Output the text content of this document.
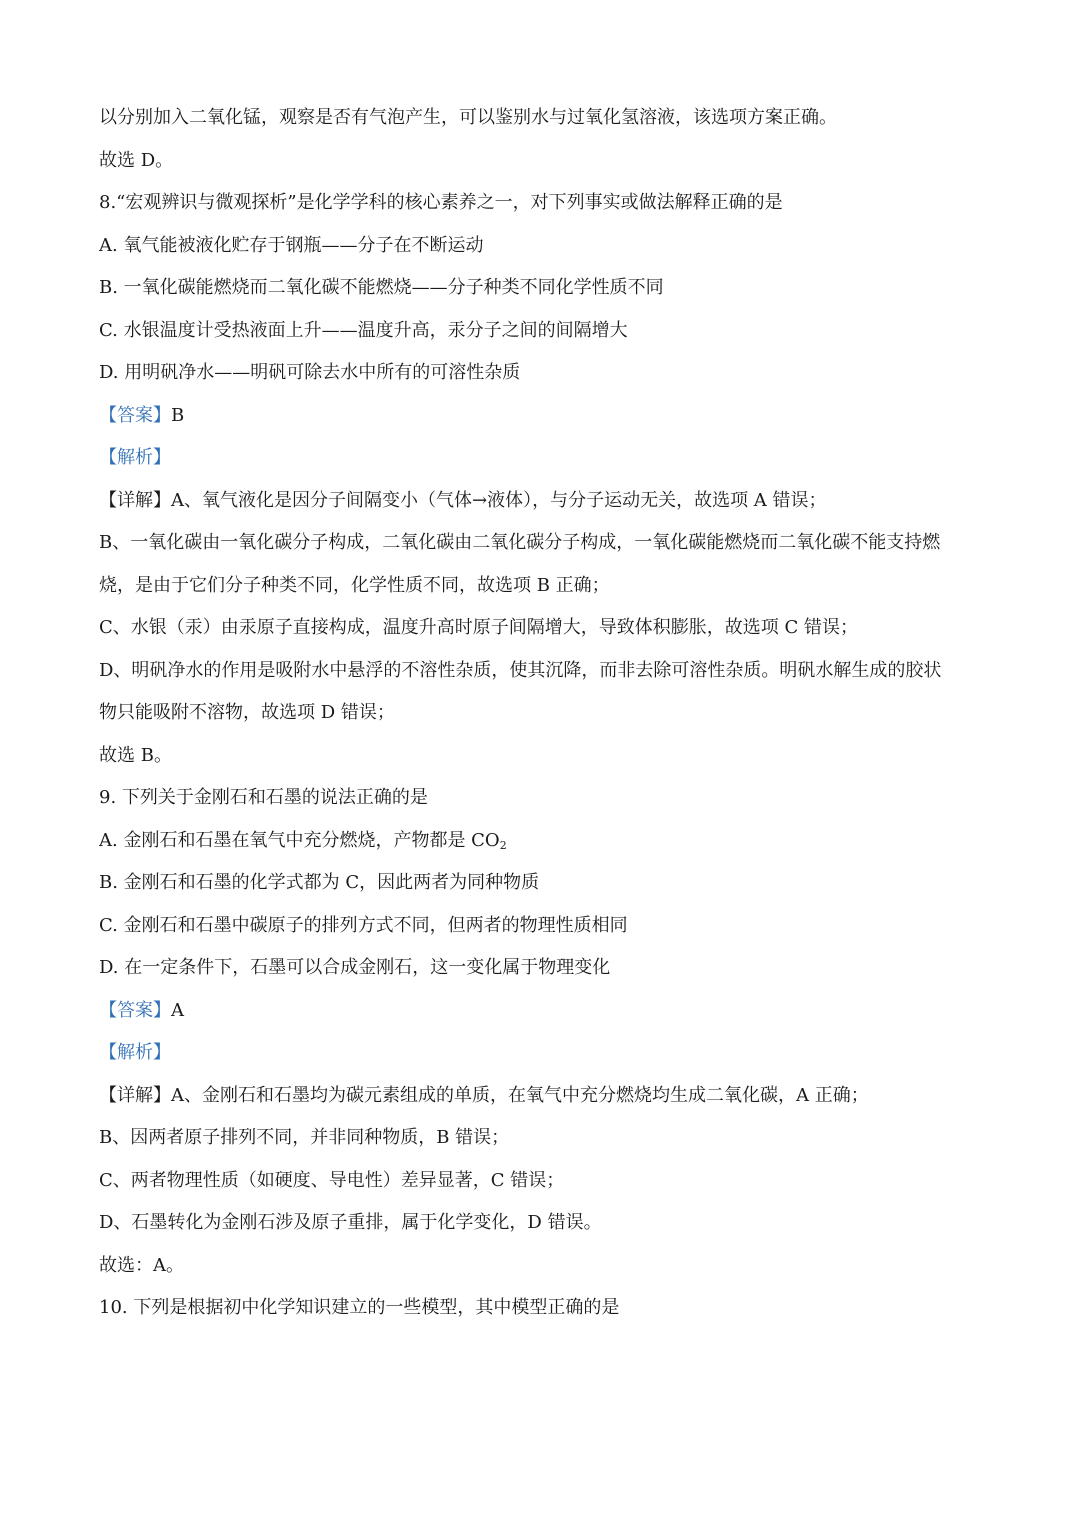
以分别加入二氧化锰，观察是否有气泡产生，可以鉴别水与过氧化氢溶液，该选项方案正确。
故选 D。
8.“宏观辨识与微观探析”是化学学科的核心素养之一，对下列事实或做法解释正确的是
A. 氧气能被液化贮存于钢瓶——分子在不断运动
B. 一氧化碳能燃烧而二氧化碳不能燃烧——分子种类不同化学性质不同
C. 水银温度计受热液面上升——温度升高，汞分子之间的间隔增大
D. 用明矾净水——明矾可除去水中所有的可溶性杂质
【答案】B
【解析】
【详解】A、氧气液化是因分子间隔变小（气体→液体），与分子运动无关，故选项 A 错误；
B、一氧化碳由一氧化碳分子构成，二氧化碳由二氧化碳分子构成，一氧化碳能燃烧而二氧化碳不能支持燃
烧，是由于它们分子种类不同，化学性质不同，故选项 B 正确；
C、水银（汞）由汞原子直接构成，温度升高时原子间隔增大，导致体积膨胀，故选项 C 错误；
D、明矾净水的作用是吸附水中悬浮的不溶性杂质，使其沉降，而非去除可溶性杂质。明矾水解生成的胶状
物只能吸附不溶物，故选项 D 错误；
故选 B。
9. 下列关于金刚石和石墨的说法正确的是
A. 金刚石和石墨在氧气中充分燃烧，产物都是 $CO_2$
B. 金刚石和石墨的化学式都为 C，因此两者为同种物质
C. 金刚石和石墨中碳原子的排列方式不同，但两者的物理性质相同
D. 在一定条件下，石墨可以合成金刚石，这一变化属于物理变化
【答案】A
【解析】
【详解】A、金刚石和石墨均为碳元素组成的单质，在氧气中充分燃烧均生成二氧化碳，A 正确；
B、因两者原子排列不同，并非同种物质，B 错误；
C、两者物理性质（如硬度、导电性）差异显著，C 错误；
D、石墨转化为金刚石涉及原子重排，属于化学变化，D 错误。
故选：A。
10. 下列是根据初中化学知识建立的一些模型，其中模型正确的是
